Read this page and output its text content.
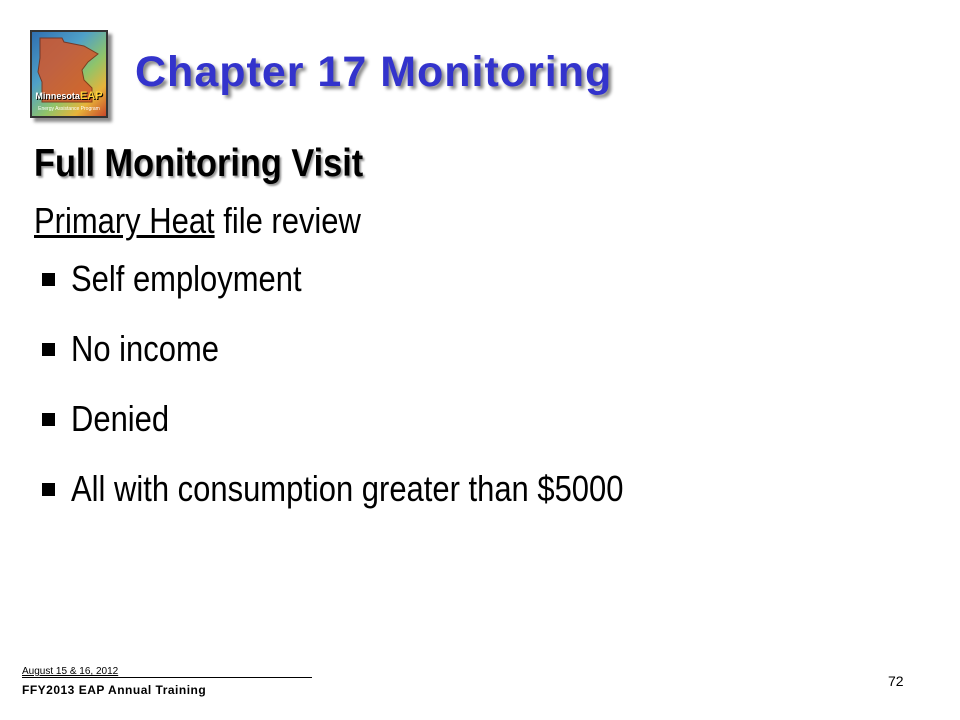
MinnesotaEAP
Energy Assistance Program
Chapter 17 Monitoring
Full Monitoring Visit
Primary Heat file review
Self employment
No income
Denied
All with consumption greater than $5000
August 15 & 16, 2012
FFY2013 EAP Annual Training
72
